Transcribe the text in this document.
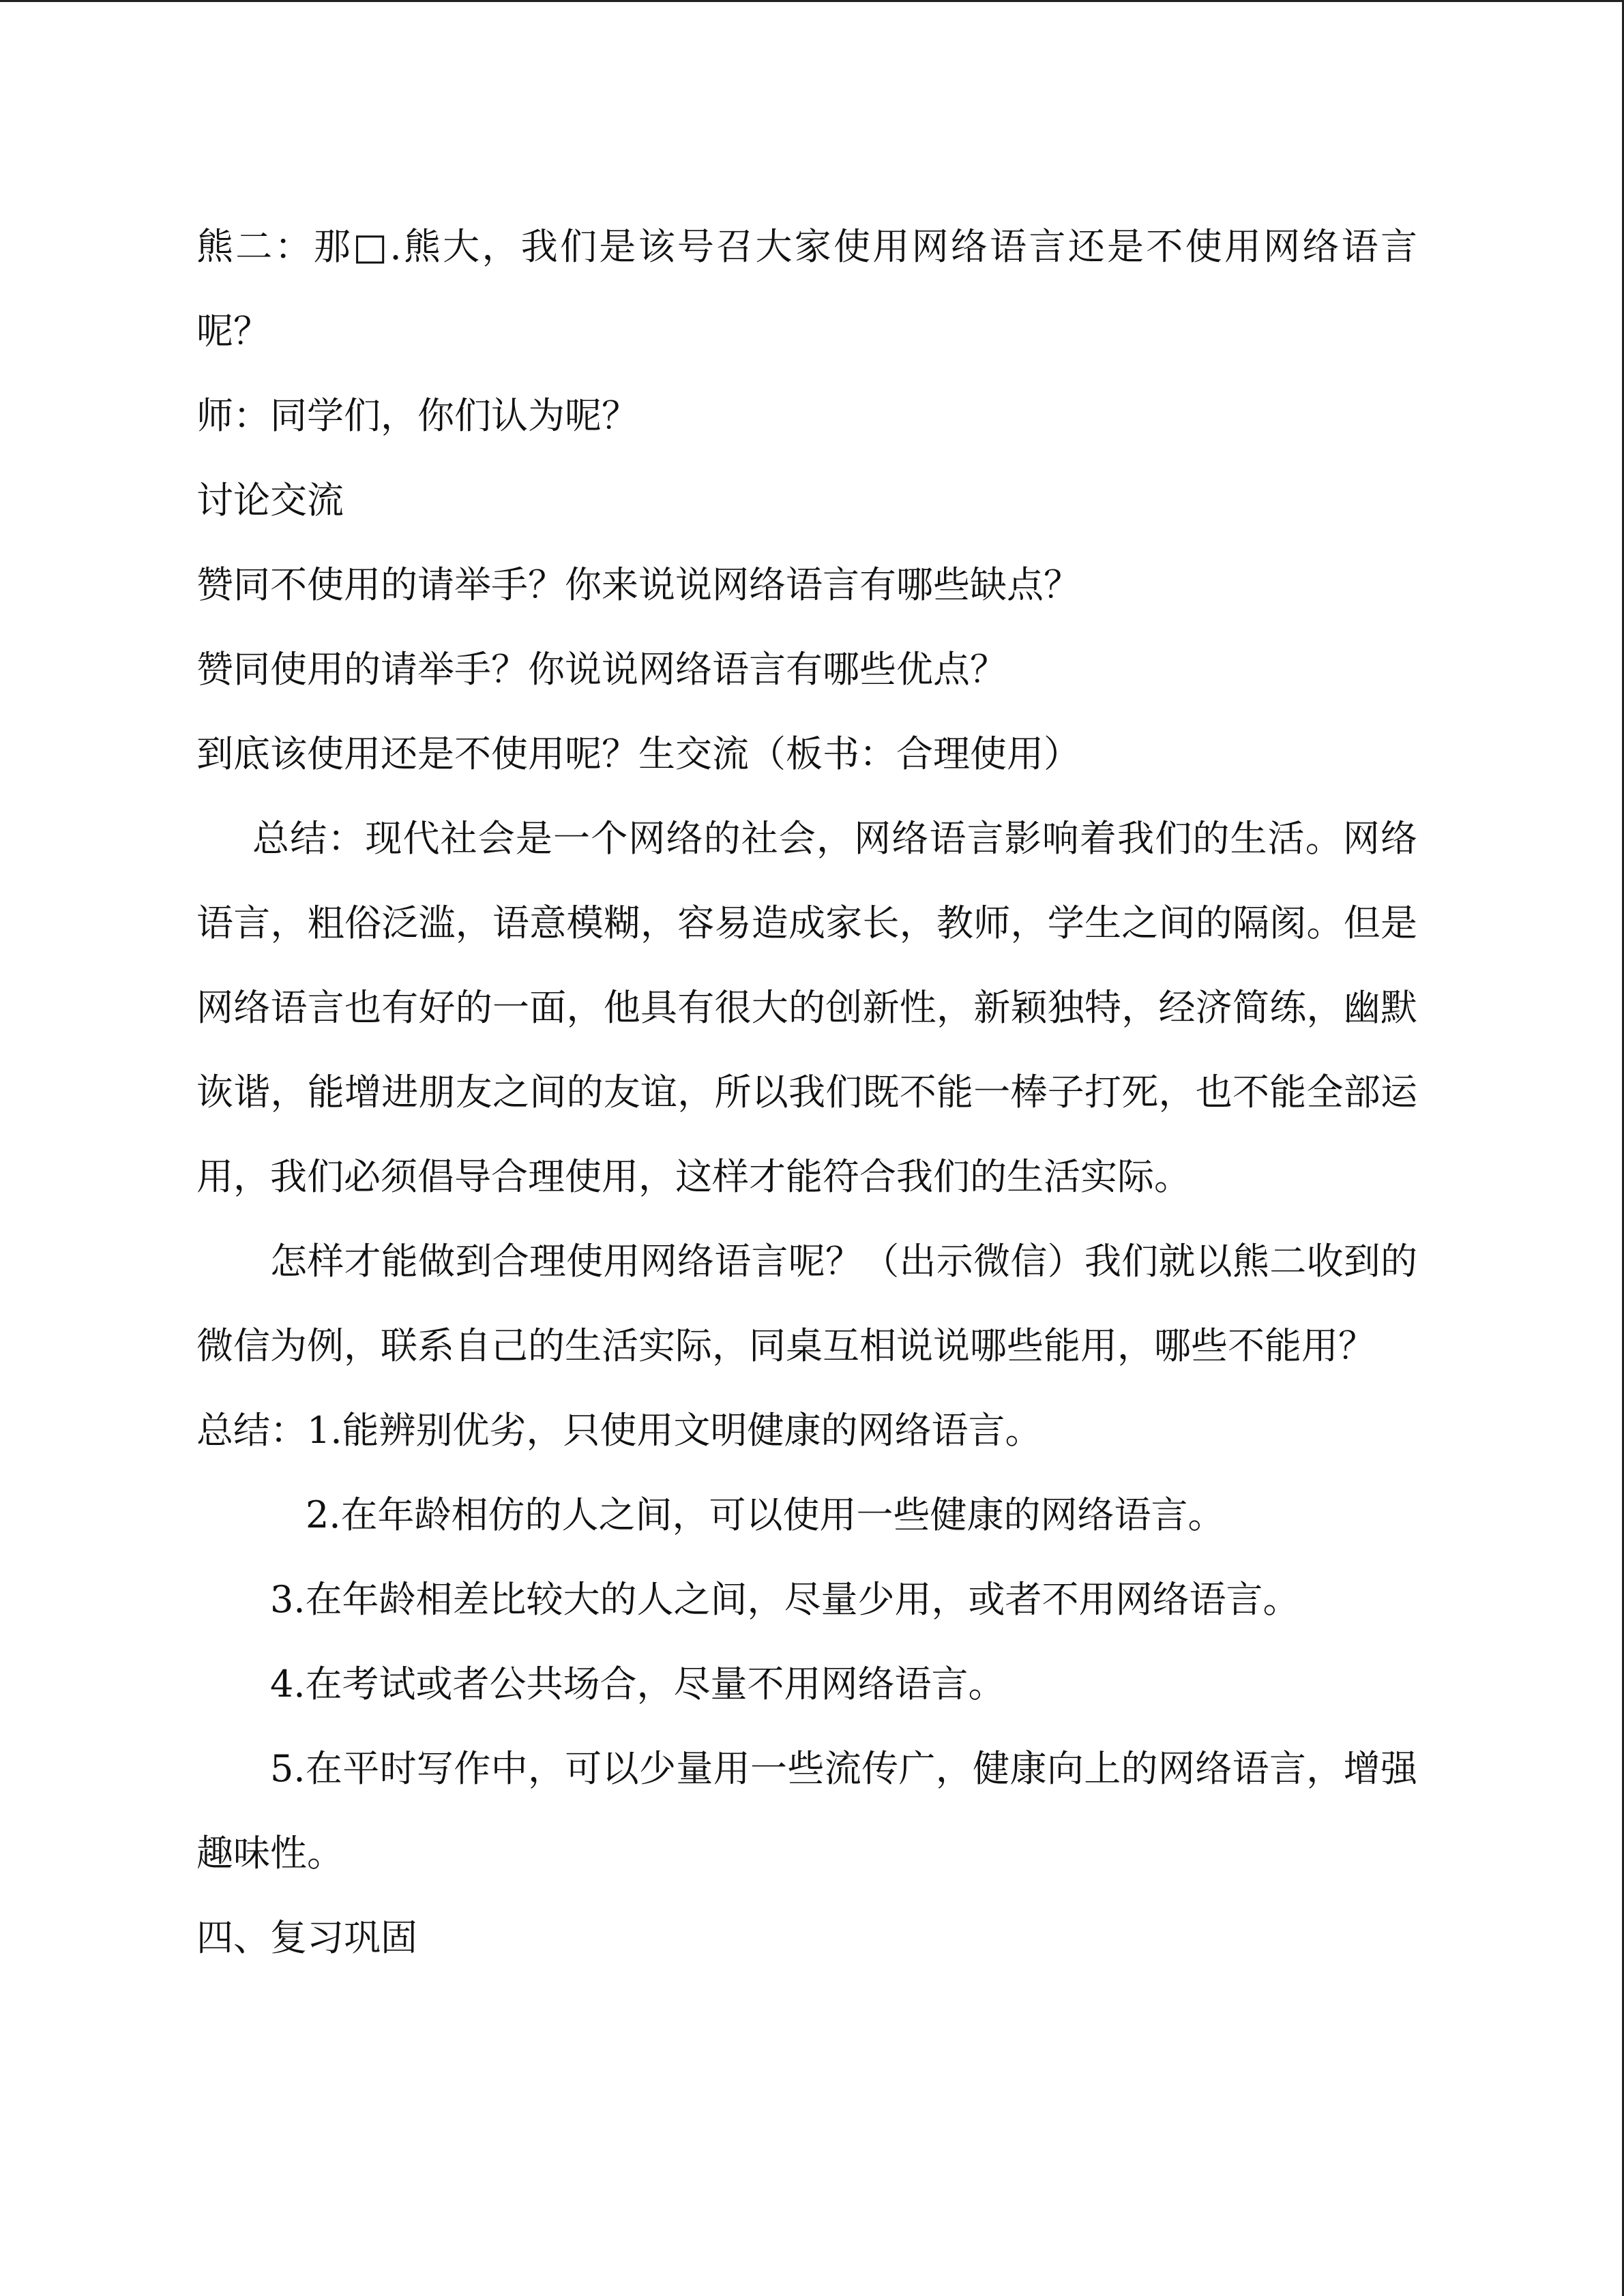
熊二：那□.熊大，我们是该号召大家使用网络语言还是不使用网络语言呢？

师：同学们，你们认为呢？

讨论交流

赞同不使用的请举手？你来说说网络语言有哪些缺点？

赞同使用的请举手？你说说网络语言有哪些优点？

到底该使用还是不使用呢？生交流（板书：合理使用）

总结：现代社会是一个网络的社会，网络语言影响着我们的生活。网络语言，粗俗泛滥，语意模糊，容易造成家长，教师，学生之间的隔阂。但是网络语言也有好的一面，他具有很大的创新性，新颖独特，经济简练，幽默诙谐，能增进朋友之间的友谊，所以我们既不能一棒子打死，也不能全部运用，我们必须倡导合理使用，这样才能符合我们的生活实际。

怎样才能做到合理使用网络语言呢？（出示微信）我们就以熊二收到的微信为例，联系自己的生活实际，同桌互相说说哪些能用，哪些不能用？

总结：1.能辨别优劣，只使用文明健康的网络语言。

2.在年龄相仿的人之间，可以使用一些健康的网络语言。

3.在年龄相差比较大的人之间，尽量少用，或者不用网络语言。

4.在考试或者公共场合，尽量不用网络语言。

5.在平时写作中，可以少量用一些流传广，健康向上的网络语言，增强趣味性。

四、复习巩固
